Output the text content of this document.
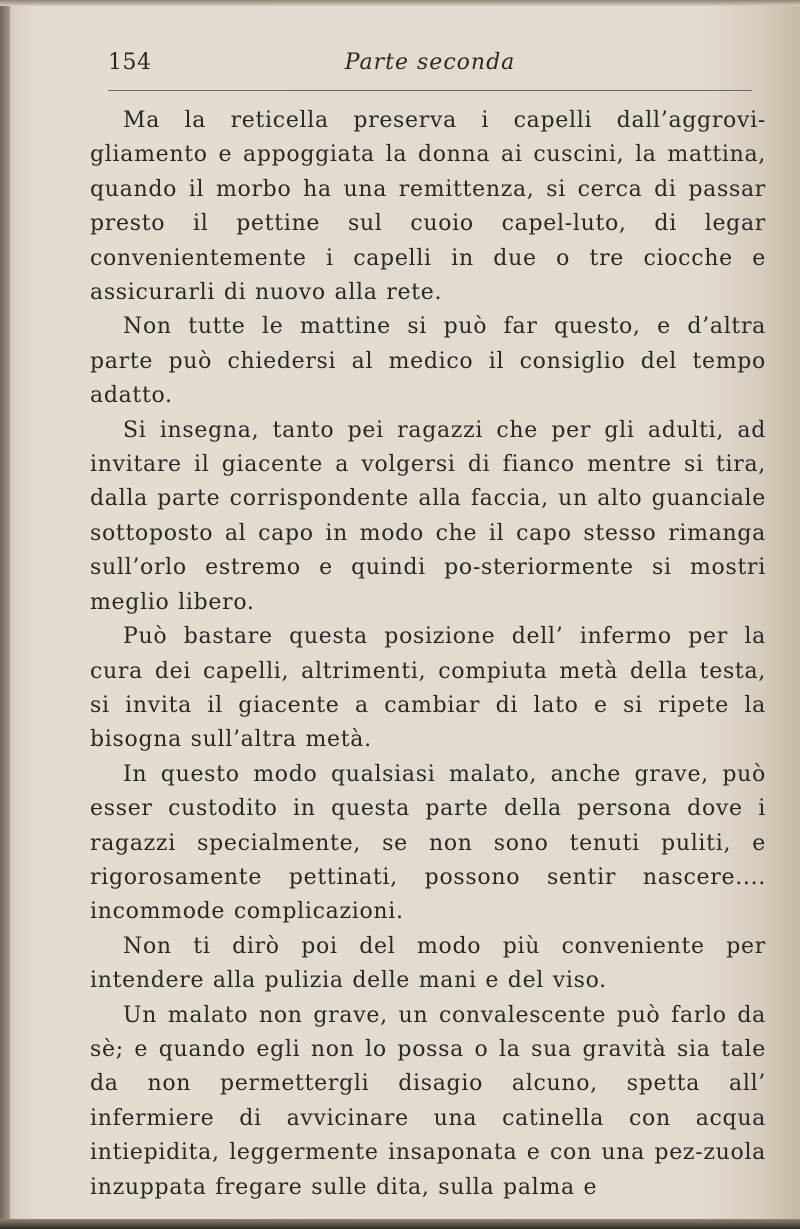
154	Parte seconda

Ma la reticella preserva i capelli dall’aggrovi-gliamento e appoggiata la donna ai cuscini, la mattina, quando il morbo ha una remittenza, si cerca di passar presto il pettine sul cuoio capel-luto, di legar convenientemente i capelli in due o tre ciocche e assicurarli di nuovo alla rete.

Non tutte le mattine si può far questo, e d’altra parte può chiedersi al medico il consiglio del tempo adatto.

Si insegna, tanto pei ragazzi che per gli adulti, ad invitare il giacente a volgersi di fianco mentre si tira, dalla parte corrispondente alla faccia, un alto guanciale sottoposto al capo in modo che il capo stesso rimanga sull’orlo estremo e quindi po-steriormente si mostri meglio libero.

Può bastare questa posizione dell’ infermo per la cura dei capelli, altrimenti, compiuta metà della testa, si invita il giacente a cambiar di lato e si ripete la bisogna sull’altra metà.

In questo modo qualsiasi malato, anche grave, può esser custodito in questa parte della persona dove i ragazzi specialmente, se non sono tenuti puliti, e rigorosamente pettinati, possono sentir nascere.... incommode complicazioni.

Non ti dirò poi del modo più conveniente per intendere alla pulizia delle mani e del viso.

Un malato non grave, un convalescente può farlo da sè; e quando egli non lo possa o la sua gravità sia tale da non permettergli disagio alcuno, spetta all’ infermiere di avvicinare una catinella con acqua intiepidita, leggermente insaponata e con una pez-zuola inzuppata fregare sulle dita, sulla palma e
